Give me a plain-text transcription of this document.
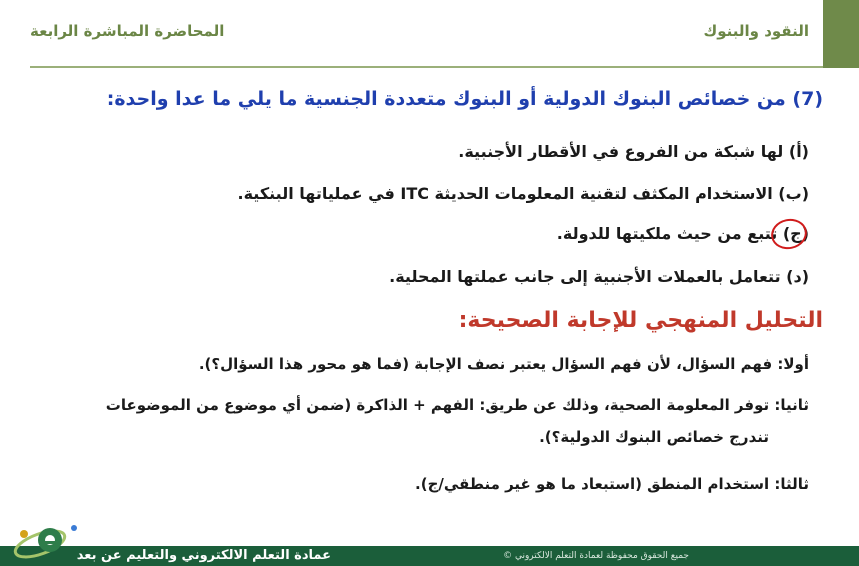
المحاضرة المباشرة الرابعة	النقود والبنوك
(7) من خصائص البنوك الدولية أو البنوك متعددة الجنسية ما يلي ما عدا واحدة:
(أ) لها شبكة من الفروع في الأقطار الأجنبية.
(ب) الاستخدام المكثف لتقنية المعلومات الحديثة ITC في عملياتها البنكية.
(ج) تتبع من حيث ملكيتها للدولة.
(د) تتعامل بالعملات الأجنبية إلى جانب عملتها المحلية.
التحليل المنهجي للإجابة الصحيحة:
أولا: فهم السؤال، لأن فهم السؤال يعتبر نصف الإجابة (فما هو محور هذا السؤال؟).
ثانيا: توفر المعلومة الصحية، وذلك عن طريق: الفهم + الذاكرة (ضمن أي موضوع من الموضوعات
تندرج خصائص البنوك الدولية؟).
ثالثا: استخدام المنطق (استبعاد ما هو غير منطقي/ج).
عمادة التعلم الالكتروني والتعليم عن بعد	جميع الحقوق محفوظة لعمادة التعلم الالكتروني ©
